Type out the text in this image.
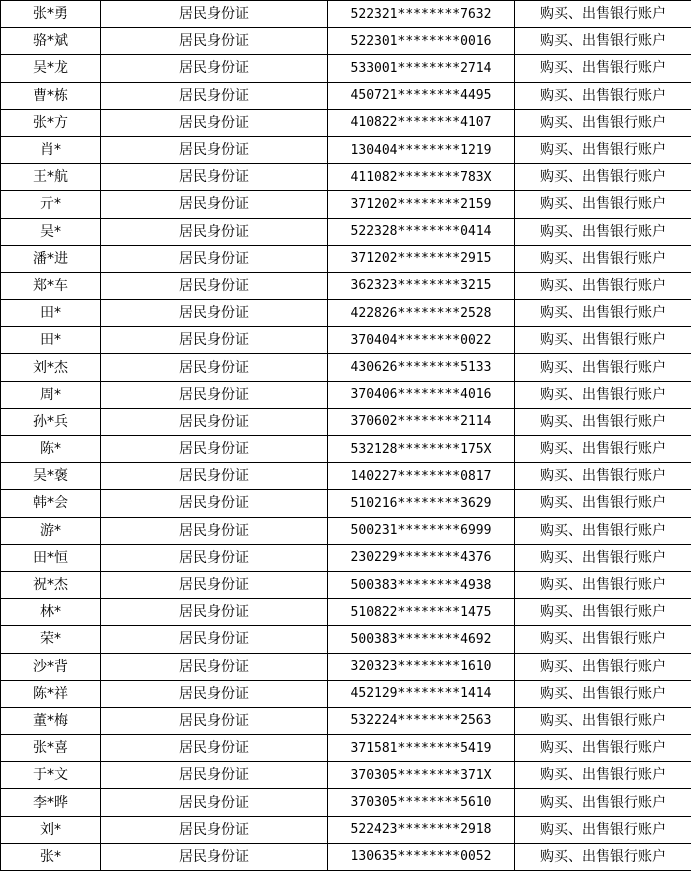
张*勇	居民身份证	522321********7632	购买、出售银行账户
骆*斌	居民身份证	522301********0016	购买、出售银行账户
吴*龙	居民身份证	533001********2714	购买、出售银行账户
曹*栋	居民身份证	450721********4495	购买、出售银行账户
张*方	居民身份证	410822********4107	购买、出售银行账户
肖*	居民身份证	130404********1219	购买、出售银行账户
王*航	居民身份证	411082********783X	购买、出售银行账户
亓*	居民身份证	371202********2159	购买、出售银行账户
吴*	居民身份证	522328********0414	购买、出售银行账户
潘*进	居民身份证	371202********2915	购买、出售银行账户
郑*车	居民身份证	362323********3215	购买、出售银行账户
田*	居民身份证	422826********2528	购买、出售银行账户
田*	居民身份证	370404********0022	购买、出售银行账户
刘*杰	居民身份证	430626********5133	购买、出售银行账户
周*	居民身份证	370406********4016	购买、出售银行账户
孙*兵	居民身份证	370602********2114	购买、出售银行账户
陈*	居民身份证	532128********175X	购买、出售银行账户
吴*褒	居民身份证	140227********0817	购买、出售银行账户
韩*会	居民身份证	510216********3629	购买、出售银行账户
游*	居民身份证	500231********6999	购买、出售银行账户
田*恒	居民身份证	230229********4376	购买、出售银行账户
祝*杰	居民身份证	500383********4938	购买、出售银行账户
林*	居民身份证	510822********1475	购买、出售银行账户
荣*	居民身份证	500383********4692	购买、出售银行账户
沙*背	居民身份证	320323********1610	购买、出售银行账户
陈*祥	居民身份证	452129********1414	购买、出售银行账户
董*梅	居民身份证	532224********2563	购买、出售银行账户
张*喜	居民身份证	371581********5419	购买、出售银行账户
于*文	居民身份证	370305********371X	购买、出售银行账户
李*晔	居民身份证	370305********5610	购买、出售银行账户
刘*	居民身份证	522423********2918	购买、出售银行账户
张*	居民身份证	130635********0052	购买、出售银行账户
